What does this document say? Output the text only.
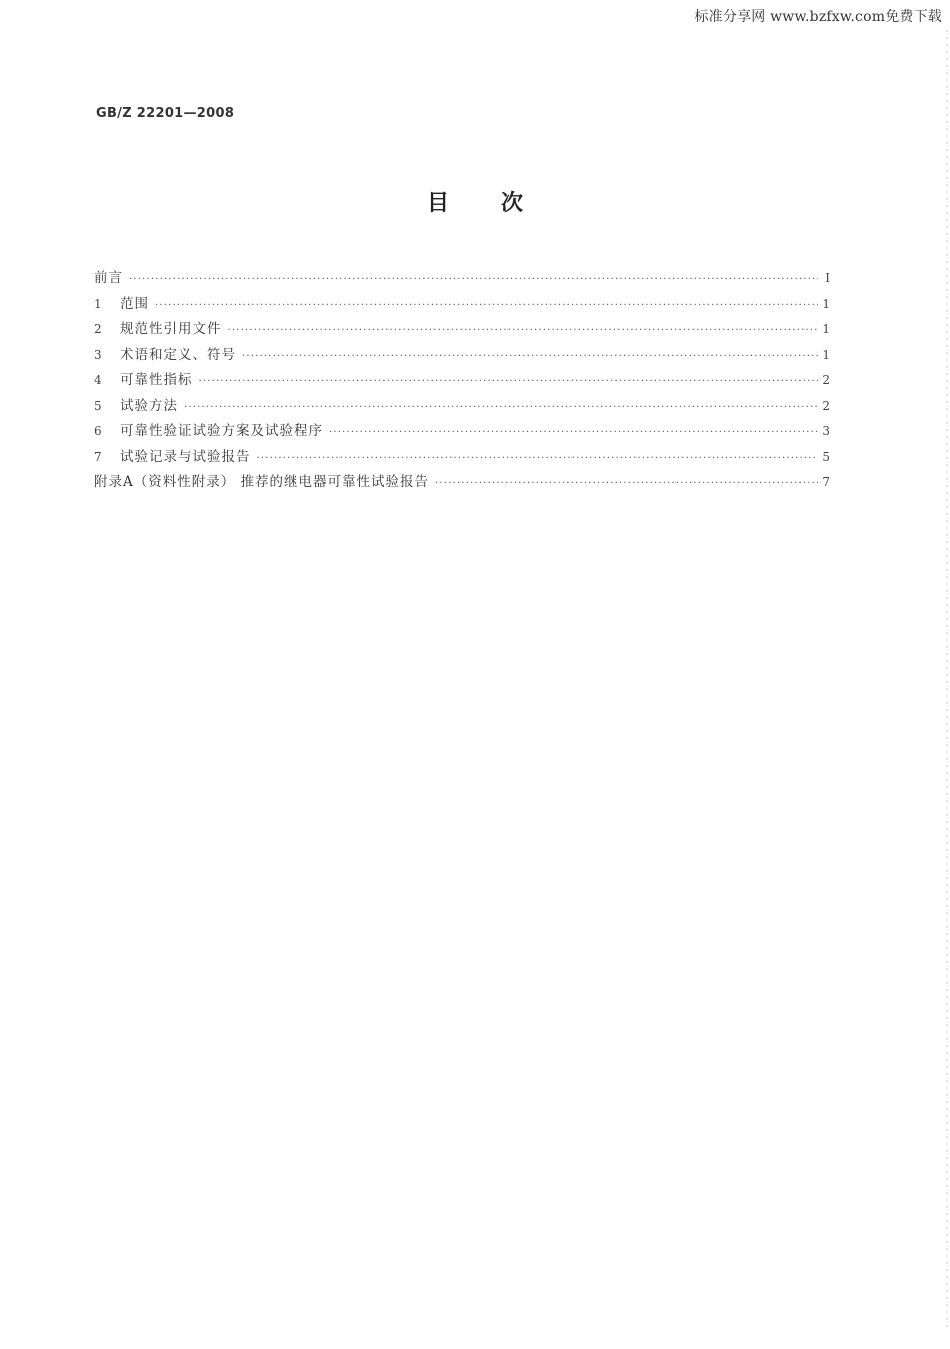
标准分享网 www.bzfxw.com免费下载
GB/Z 22201—2008
目次
前言 ·····	Ⅰ
1	范围 ·····	1
2	规范性引用文件 ·····	1
3	术语和定义、符号 ·····	1
4	可靠性指标 ·····	2
5	试验方法 ·····	2
6	可靠性验证试验方案及试验程序 ·····	3
7	试验记录与试验报告 ·····	5
附录A（资料性附录） 推荐的继电器可靠性试验报告 ·····	7
